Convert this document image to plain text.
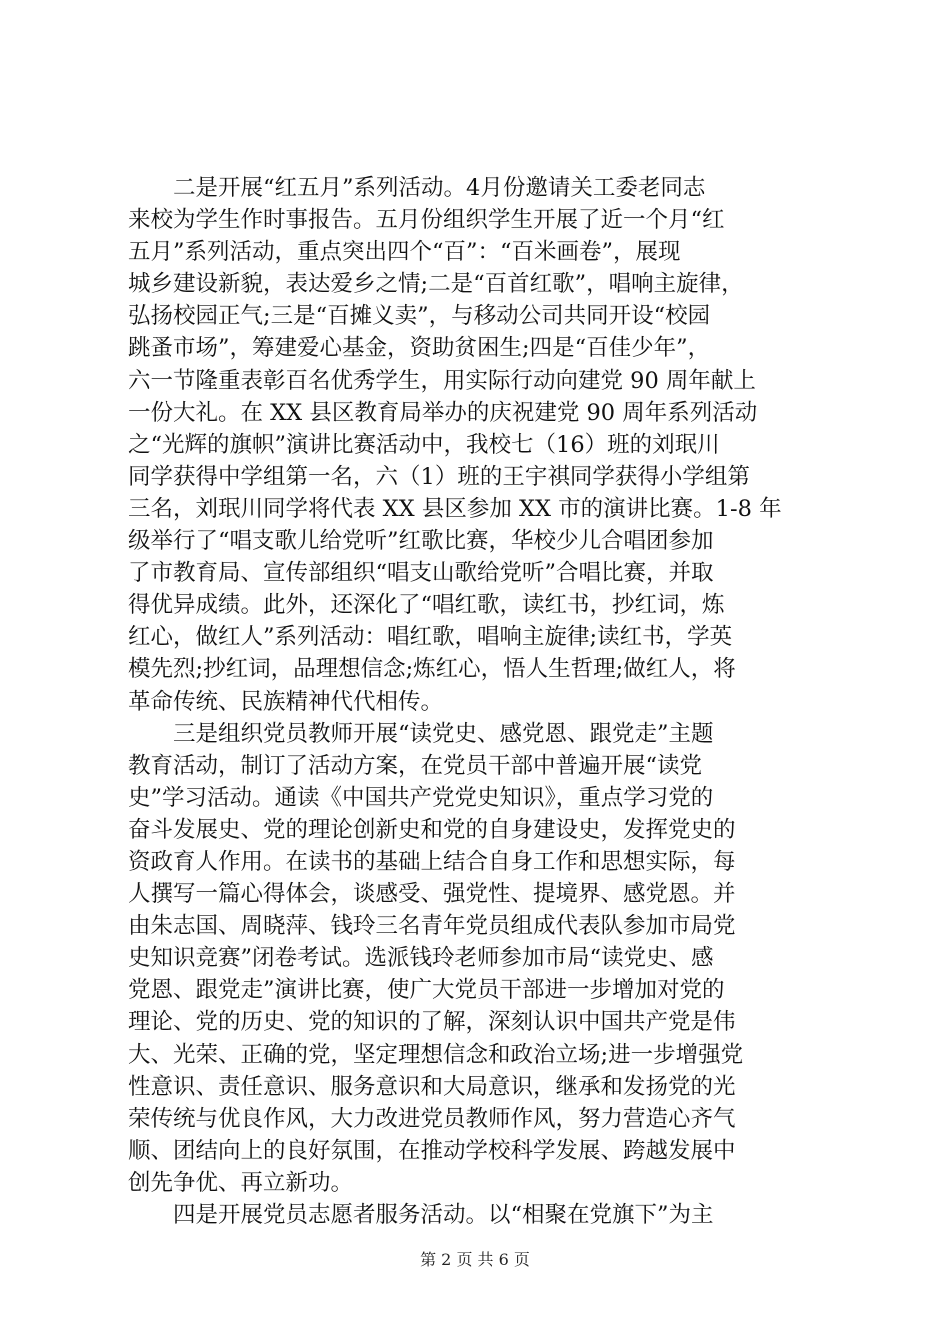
　　二是开展“红五月”系列活动。4月份邀请关工委老同志
来校为学生作时事报告。五月份组织学生开展了近一个月“红
五月”系列活动，重点突出四个“百”：“百米画卷”，展现
城乡建设新貌，表达爱乡之情;二是“百首红歌”，唱响主旋律，
弘扬校园正气;三是“百摊义卖”，与移动公司共同开设“校园
跳蚤市场”，筹建爱心基金，资助贫困生;四是“百佳少年”，
六一节隆重表彰百名优秀学生，用实际行动向建党 90 周年献上
一份大礼。在 XX 县区教育局举办的庆祝建党 90 周年系列活动
之“光辉的旗帜”演讲比赛活动中，我校七（16）班的刘珉川
同学获得中学组第一名，六（1）班的王宇祺同学获得小学组第
三名，刘珉川同学将代表 XX 县区参加 XX 市的演讲比赛。1-8 年
级举行了“唱支歌儿给党听”红歌比赛，华校少儿合唱团参加
了市教育局、宣传部组织“唱支山歌给党听”合唱比赛，并取
得优异成绩。此外，还深化了“唱红歌，读红书，抄红词，炼
红心，做红人”系列活动：唱红歌，唱响主旋律;读红书，学英
模先烈;抄红词，品理想信念;炼红心，悟人生哲理;做红人，将
革命传统、民族精神代代相传。
　　三是组织党员教师开展“读党史、感党恩、跟党走”主题
教育活动，制订了活动方案，在党员干部中普遍开展“读党
史”学习活动。通读《中国共产党党史知识》，重点学习党的
奋斗发展史、党的理论创新史和党的自身建设史，发挥党史的
资政育人作用。在读书的基础上结合自身工作和思想实际，每
人撰写一篇心得体会，谈感受、强党性、提境界、感党恩。并
由朱志国、周晓萍、钱玲三名青年党员组成代表队参加市局党
史知识竞赛”闭卷考试。选派钱玲老师参加市局“读党史、感
党恩、跟党走”演讲比赛，使广大党员干部进一步增加对党的
理论、党的历史、党的知识的了解，深刻认识中国共产党是伟
大、光荣、正确的党，坚定理想信念和政治立场;进一步增强党
性意识、责任意识、服务意识和大局意识，继承和发扬党的光
荣传统与优良作风，大力改进党员教师作风，努力营造心齐气
顺、团结向上的良好氛围，在推动学校科学发展、跨越发展中
创先争优、再立新功。
　　四是开展党员志愿者服务活动。以“相聚在党旗下”为主
第 2 页 共 6 页
